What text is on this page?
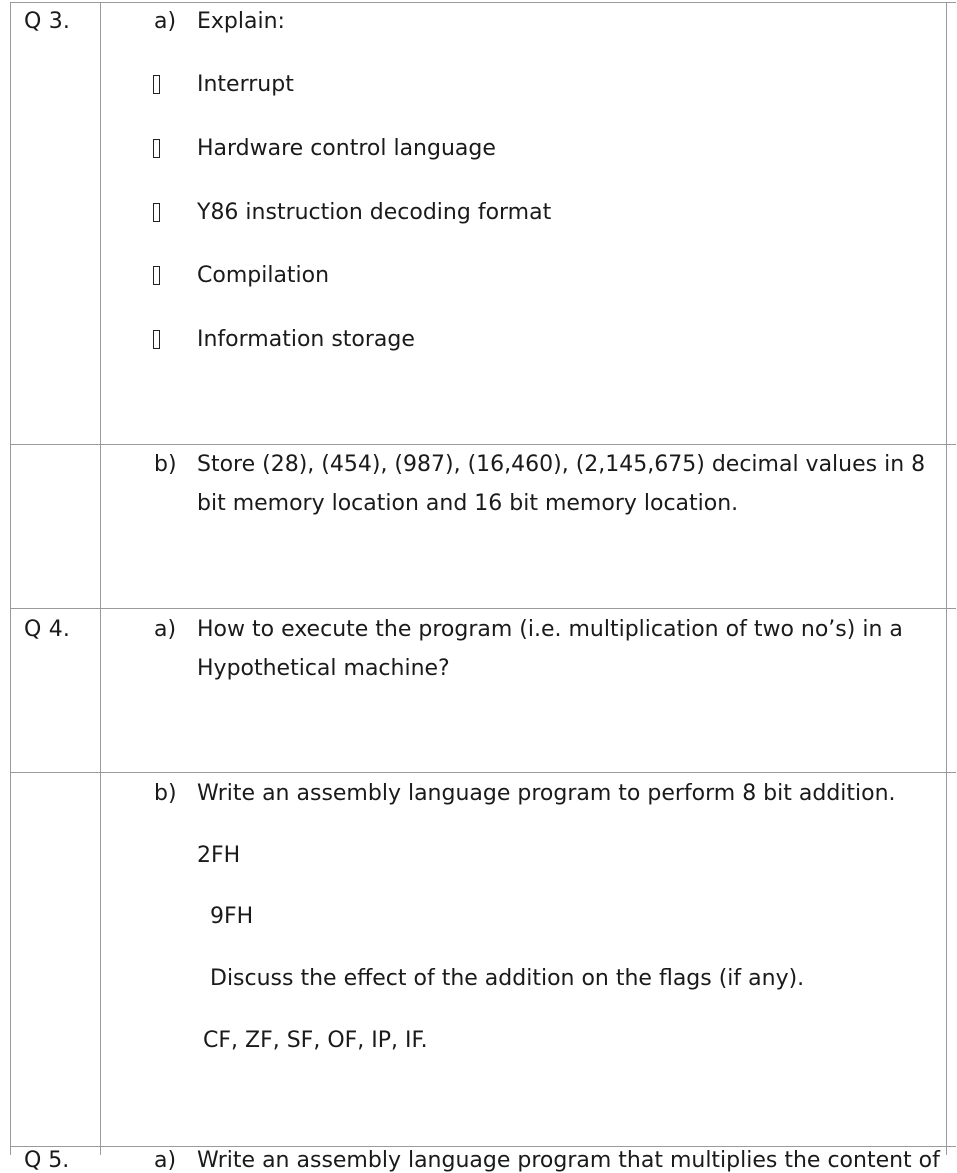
Q 3.	a) Explain:
Interrupt
Hardware control language
Y86 instruction decoding format
Compilation
Information storage
b) Store (28), (454), (987), (16,460), (2,145,675) decimal values in 8
bit memory location and 16 bit memory location.
Q 4.	a) How to execute the program (i.e. multiplication of two no’s) in a
Hypothetical machine?
b) Write an assembly language program to perform 8 bit addition.
2FH
9FH
Discuss the effect of the addition on the flags (if any).
CF, ZF, SF, OF, IP, IF.
Q 5.	a) Write an assembly language program that multiplies the content of
